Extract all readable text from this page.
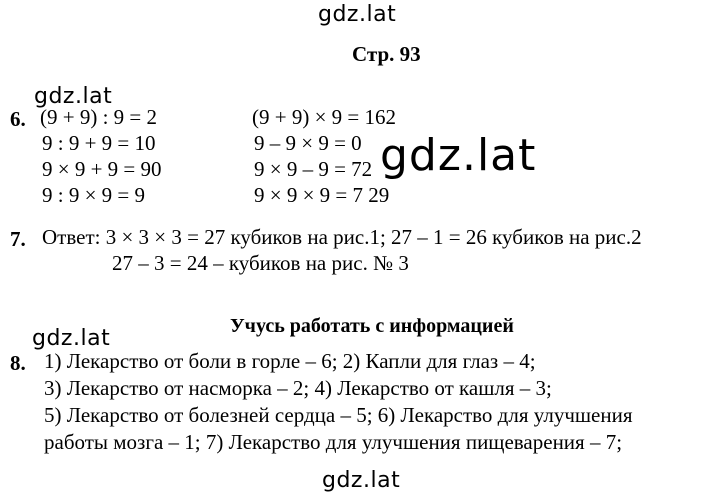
gdz.lat
gdz.lat
gdz.lat
gdz.lat
gdz.lat
Стр. 93
6. (9 + 9) : 9 = 2
9 : 9 + 9 = 10
9 × 9 + 9 = 90
9 : 9 × 9 = 9
(9 + 9) × 9 = 162
9 – 9 × 9 = 0
9 × 9 – 9 = 72
9 × 9 × 9 = 7 29
7. Ответ: 3 × 3 × 3 = 27 кубиков на рис.1; 27 – 1 = 26 кубиков на рис.2
27 – 3 = 24 – кубиков на рис. № 3
Учусь работать с информацией
8. 1) Лекарство от боли в горле – 6; 2) Капли для глаз – 4;
3) Лекарство от насморка – 2; 4) Лекарство от кашля – 3;
5) Лекарство от болезней сердца – 5; 6) Лекарство для улучшения
работы мозга – 1; 7) Лекарство для улучшения пищеварения – 7;
